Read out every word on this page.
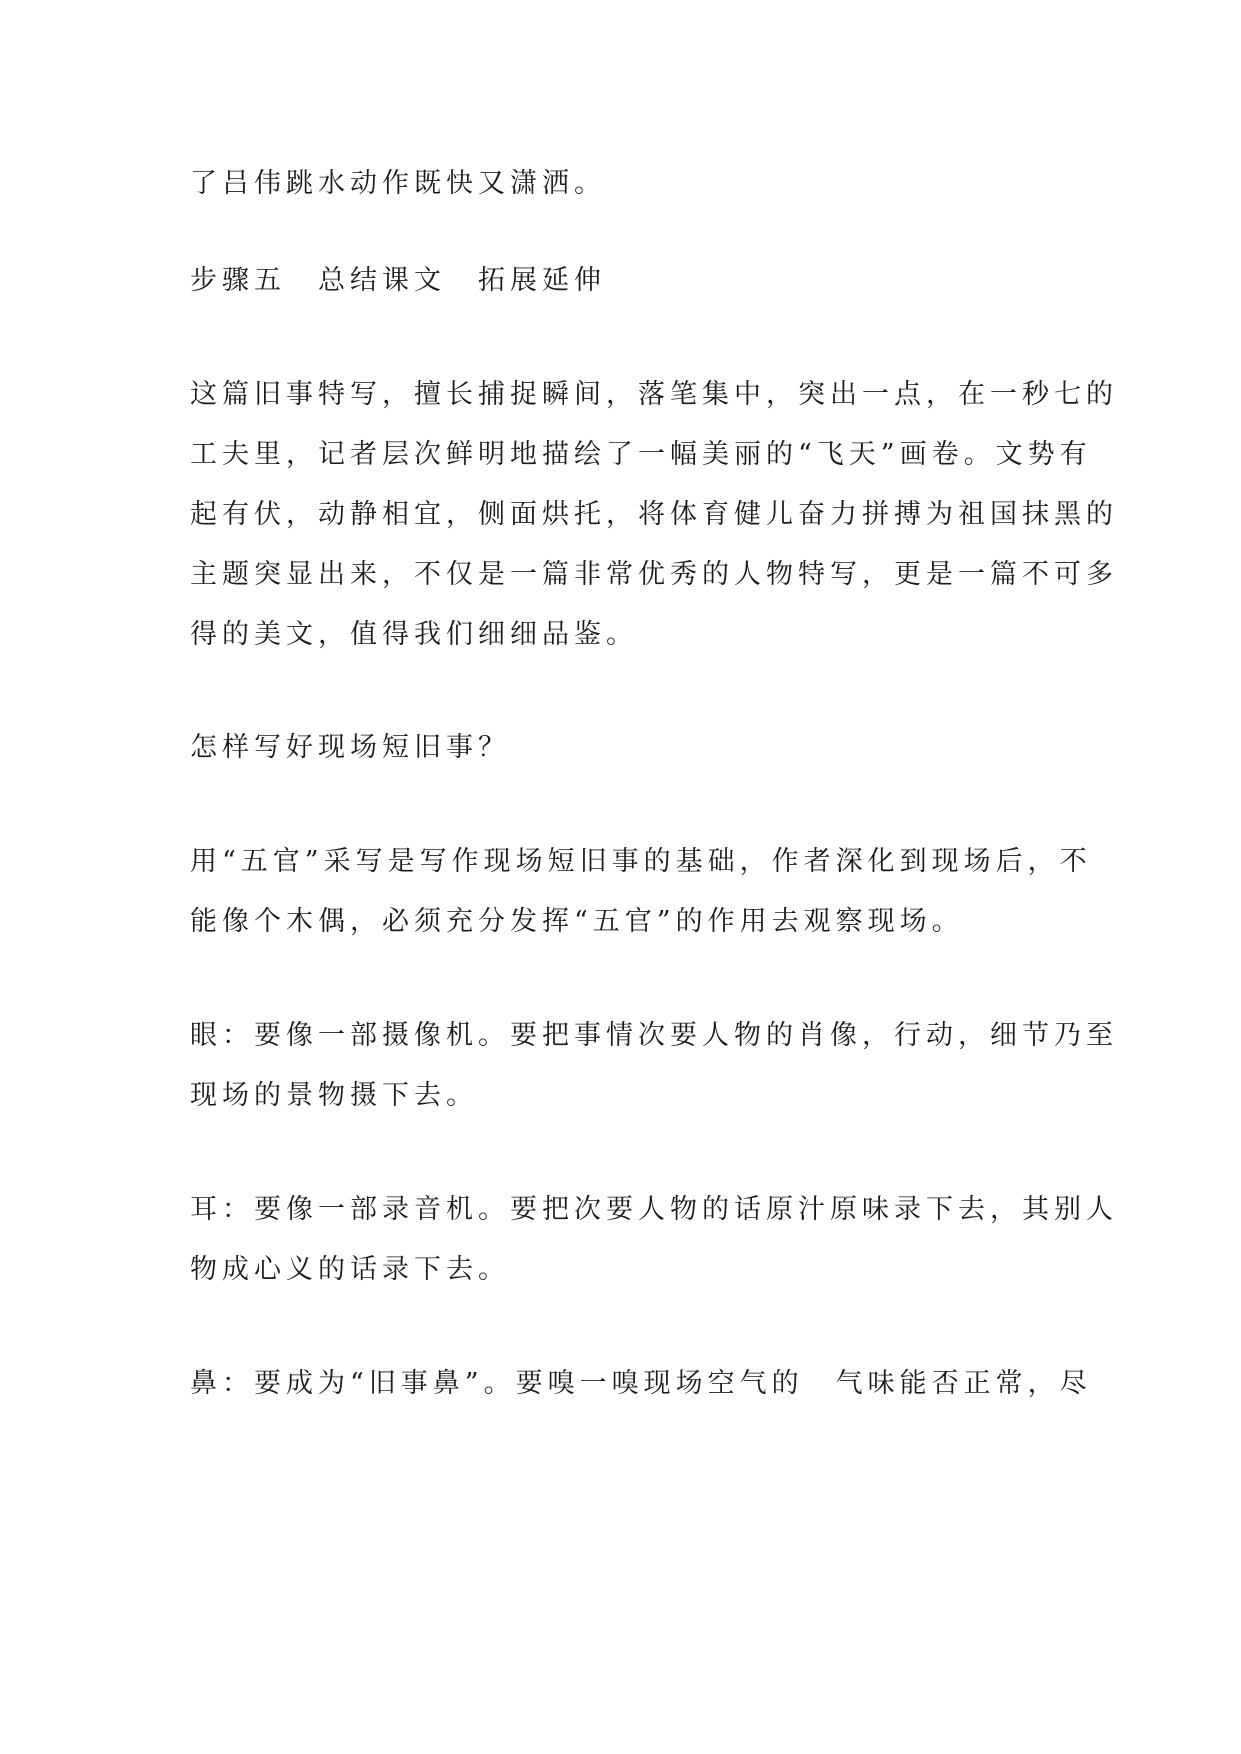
了吕伟跳水动作既快又潇洒。
步骤五　总结课文　拓展延伸
这篇旧事特写，擅长捕捉瞬间，落笔集中，突出一点，在一秒七的
工夫里，记者层次鲜明地描绘了一幅美丽的“飞天”画卷。文势有
起有伏，动静相宜，侧面烘托，将体育健儿奋力拼搏为祖国抹黑的
主题突显出来，不仅是一篇非常优秀的人物特写，更是一篇不可多
得的美文，值得我们细细品鉴。
怎样写好现场短旧事？
用“五官”采写是写作现场短旧事的基础，作者深化到现场后，不
能像个木偶，必须充分发挥“五官”的作用去观察现场。
眼：要像一部摄像机。要把事情次要人物的肖像，行动，细节乃至
现场的景物摄下去。
耳：要像一部录音机。要把次要人物的话原汁原味录下去，其别人
物成心义的话录下去。
鼻：要成为“旧事鼻”。要嗅一嗅现场空气的　气味能否正常，尽
